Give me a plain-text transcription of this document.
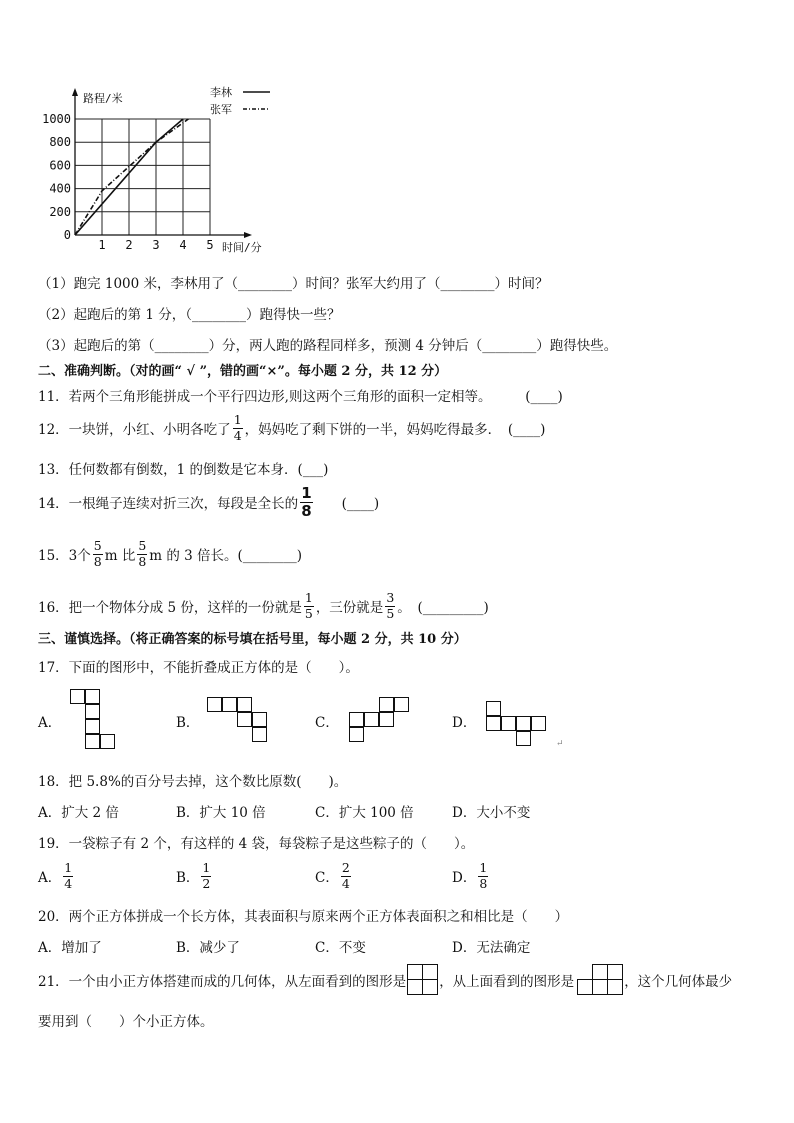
0
200
400
600
800
1000
1 2 3 4 5
路程/米
时间/分
李林
张军
（1）跑完 1000 米，李林用了（________）时间？张军大约用了（________）时间？
（2）起跑后的第 1 分，（________）跑得快一些？
（3）起跑后的第（________）分，两人跑的路程同样多，预测 4 分钟后（________）跑得快些。
二、准确判断。（对的画“ √ ”，错的画“×”。每小题 2 分，共 12 分）
11．若两个三角形能拼成一个平行四边形,则这两个三角形的面积一定相等。　　　(____)
12．一块饼，小红、小明各吃了 $\frac{1}{4}$ ，妈妈吃了剩下饼的一半，妈妈吃得最多．　(____)
13．任何数都有倒数，1 的倒数是它本身．(___)
14．一根绳子连续对折三次，每段是全长的 $\frac{1}{8}$ 　　(____)
15．3个 $\frac{5}{8}$ m 比 $\frac{5}{8}$ m 的 3 倍长。(________)
16．把一个物体分成 5 份，这样的一份就是 $\frac{1}{5}$ ，三份就是 $\frac{3}{5}$ 。　(_________)
三、谨慎选择。（将正确答案的标号填在括号里，每小题 2 分，共 10 分）
17．下面的图形中，不能折叠成正方体的是（　　）。
A．	B．	C．	D．
↵
18．把 5.8%的百分号去掉，这个数比原数(　　)。
A．扩大 2 倍	B．扩大 10 倍	C．扩大 100 倍	D．大小不变
19．一袋粽子有 2 个，有这样的 4 袋，每袋粽子是这些粽子的（　　）。
A． $\frac{1}{4}$	B． $\frac{1}{2}$	C． $\frac{2}{4}$	D． $\frac{1}{8}$
20．两个正方体拼成一个长方体，其表面积与原来两个正方体表面积之和相比是（　　）
A．增加了	B．减少了	C．不变	D．无法确定
21．一个由小正方体搭建而成的几何体，从左面看到的图形是 ，从上面看到的图形是	，这个几何体最少
要用到（　　）个小正方体。
